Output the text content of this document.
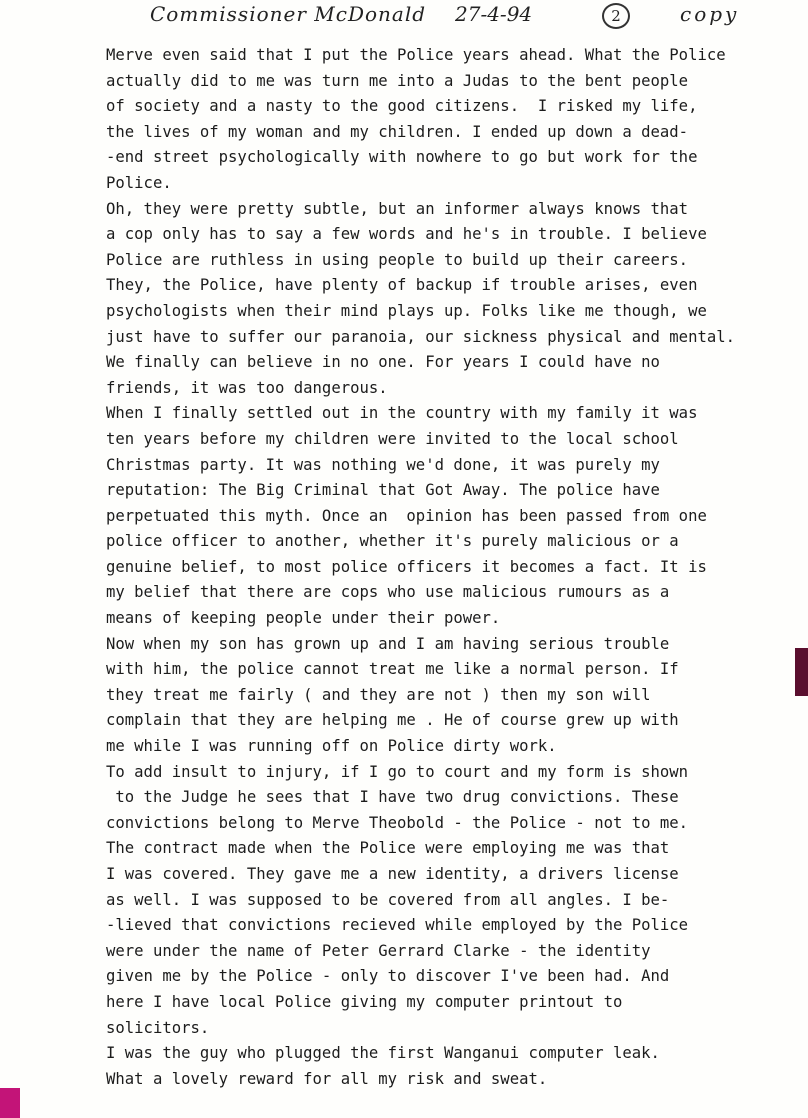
Commissioner McDonald 27-4-94	2	copy
Merve even said that I put the Police years ahead. What the Police
actually did to me was turn me into a Judas to the bent people
of society and a nasty to the good citizens.  I risked my life,
the lives of my woman and my children. I ended up down a dead-
-end street psychologically with nowhere to go but work for the
Police.
Oh, they were pretty subtle, but an informer always knows that
a cop only has to say a few words and he's in trouble. I believe
Police are ruthless in using people to build up their careers.
They, the Police, have plenty of backup if trouble arises, even
psychologists when their mind plays up. Folks like me though, we
just have to suffer our paranoia, our sickness physical and mental.
We finally can believe in no one. For years I could have no
friends, it was too dangerous.
When I finally settled out in the country with my family it was
ten years before my children were invited to the local school
Christmas party. It was nothing we'd done, it was purely my
reputation: The Big Criminal that Got Away. The police have
perpetuated this myth. Once an  opinion has been passed from one
police officer to another, whether it's purely malicious or a
genuine belief, to most police officers it becomes a fact. It is
my belief that there are cops who use malicious rumours as a
means of keeping people under their power.
Now when my son has grown up and I am having serious trouble
with him, the police cannot treat me like a normal person. If
they treat me fairly ( and they are not ) then my son will
complain that they are helping me . He of course grew up with
me while I was running off on Police dirty work.
To add insult to injury, if I go to court and my form is shown
to the Judge he sees that I have two drug convictions. These
convictions belong to Merve Theobold - the Police - not to me.
The contract made when the Police were employing me was that
I was covered. They gave me a new identity, a drivers license
as well. I was supposed to be covered from all angles. I be-
-lieved that convictions recieved while employed by the Police
were under the name of Peter Gerrard Clarke - the identity
given me by the Police - only to discover I've been had. And
here I have local Police giving my computer printout to
solicitors.
I was the guy who plugged the first Wanganui computer leak.
What a lovely reward for all my risk and sweat.
